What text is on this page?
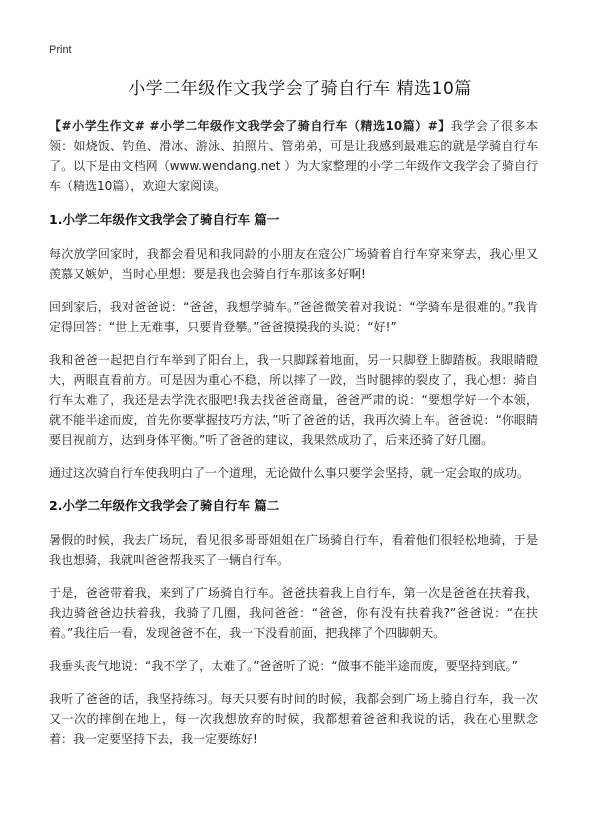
Print
小学二年级作文我学会了骑自行车 精选10篇

【#小学生作文# #小学二年级作文我学会了骑自行车（精选10篇）#】我学会了很多本领：如烧饭、钓鱼、滑冰、游泳、拍照片、管弟弟，可是让我感到最难忘的就是学骑自行车了。以下是由文档网（www.wendang.net ）为大家整理的小学二年级作文我学会了骑自行车（精选10篇），欢迎大家阅读。

1.小学二年级作文我学会了骑自行车 篇一

每次放学回家时，我都会看见和我同龄的小朋友在寇公广场骑着自行车穿来穿去，我心里又羡慕又嫉妒，当时心里想：要是我也会骑自行车那该多好啊!

回到家后，我对爸爸说：“爸爸，我想学骑车。”爸爸微笑着对我说：“学骑车是很难的。”我肯定得回答：“世上无难事，只要肯登攀。”爸爸摸摸我的头说：“好!”

我和爸爸一起把自行车举到了阳台上，我一只脚踩着地面，另一只脚登上脚踏板。我眼睛瞪大，两眼直看前方。可是因为重心不稳，所以摔了一跤，当时腿摔的裂皮了，我心想：骑自行车太难了，我还是去学洗衣服吧!我去找爸爸商量，爸爸严肃的说：“要想学好一个本领，就不能半途而废，首先你要掌握技巧方法，”听了爸爸的话，我再次骑上车。爸爸说：“你眼睛要目视前方，达到身体平衡。”听了爸爸的建议，我果然成功了，后来还骑了好几圈。

通过这次骑自行车使我明白了一个道理，无论做什么事只要学会坚持，就一定会取的成功。

2.小学二年级作文我学会了骑自行车 篇二

暑假的时候，我去广场玩，看见很多哥哥姐姐在广场骑自行车，看着他们很轻松地骑，于是我也想骑，我就叫爸爸帮我买了一辆自行车。

于是，爸爸带着我，来到了广场骑自行车。爸爸扶着我上自行车，第一次是爸爸在扶着我，我边骑爸爸边扶着我，我骑了几圈，我问爸爸：“爸爸，你有没有扶着我?”爸爸说：“在扶着。”我往后一看，发现爸爸不在，我一下没看前面，把我摔了个四脚朝天。

我垂头丧气地说：“我不学了，太难了。”爸爸听了说：“做事不能半途而废，要坚持到底。”

我听了爸爸的话，我坚持练习。每天只要有时间的时候，我都会到广场上骑自行车，我一次又一次的摔倒在地上，每一次我想放弃的时候，我都想着爸爸和我说的话，我在心里默念着：我一定要坚持下去，我一定要练好!
